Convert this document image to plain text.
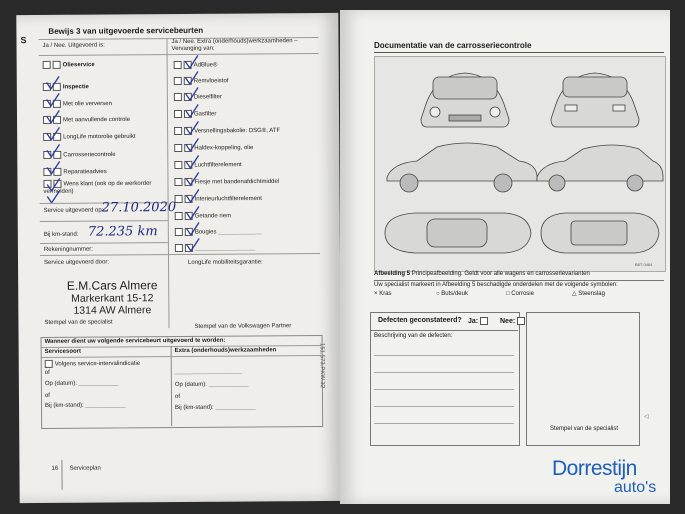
Bewijs 3 van uitgevoerde servicebeurten
S
Ja / Nee. Uitgevoerd is:
Ja / Nee. Extra (onderhouds)werkzaamheden – Vervanging van:
Olieservice
Inspectie
Met olie verversen
Met aanvullende controle
LongLife motorolie gebruikt
Carrosseriecontrole
Reparatieadvies
Wens klant (ook op de werkorder vermelden)
AdBlue®
Remvloeistof
Dieselfilter
Gasfilter
Versnellingsbakolie: DSG®, ATF
Haldex-koppeling, olie
Luchtfilterelement
Fiesje met bandenafdichtmiddel
Interieurluchtfilterelement
Getande riem
Bougies _____________
__________________
Service uitgevoerd op:
27.10.2020
Bij km-stand: 72.235 km
Rekeningnummer:
Service uitgevoerd door:	LongLife mobiliteitsgarantie:
E.M.Cars Almere
Markerkant 15-12
1314 AW Almere
Stempel van de specialist
Stempel van de Volkswagen Partner
Wanneer dient uw volgende servicebeurt uitgevoerd te worden:
Servicesoort	Extra (onderhouds)werkzaamheden
Volgens service-intervalindicatie
of
Op (datum): ____________
of
Bij (km-stand): ____________
____________________
Op (datum): ____________
of
Bij (km-stand): ____________
151.573.PKW.32
16 Serviceplan
Documentatie van de carrosseriecontrole
B5T-0484
Afbeelding 5 Principeafbeelding. Geldt voor alle wagens en carrosserievarianten
Uw specialist markeert in Afbeelding 5 beschadigde onderdelen met de volgende symbolen:
× Kras	○ Buts/deuk	□ Corrosie	△ Steenslag
Defecten geconstateerd? Ja:	Nee:
Beschrijving van de defecten:
Stempel van de specialist
◁
Dorrestijn
auto's
